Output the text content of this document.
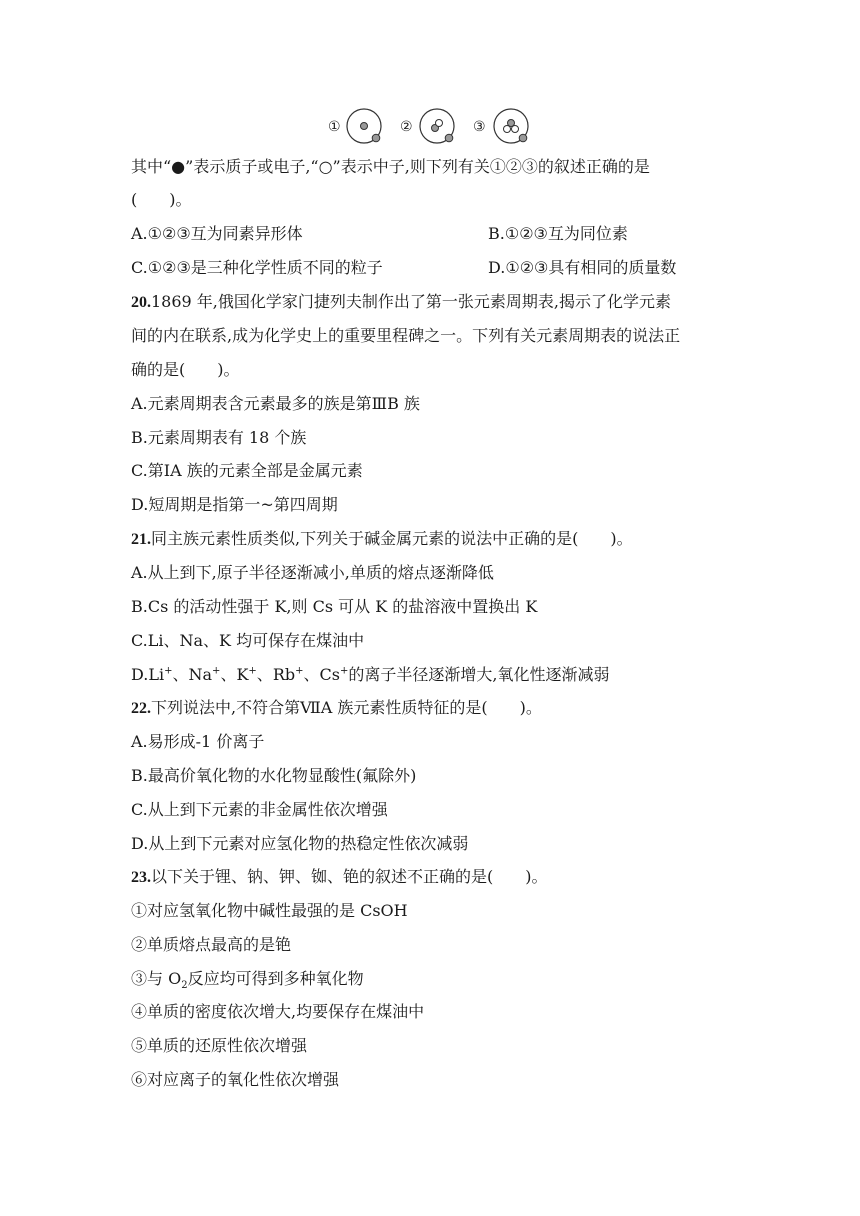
①	②	③
其中“●”表示质子或电子,“○”表示中子,则下列有关①②③的叙述正确的是
(　　)。
A.①②③互为同素异形体	B.①②③互为同位素
C.①②③是三种化学性质不同的粒子	D.①②③具有相同的质量数
20.1869 年,俄国化学家门捷列夫制作出了第一张元素周期表,揭示了化学元素
间的内在联系,成为化学史上的重要里程碑之一。下列有关元素周期表的说法正
确的是(　　)。
A.元素周期表含元素最多的族是第ⅢB 族
B.元素周期表有 18 个族
C.第ⅠA 族的元素全部是金属元素
D.短周期是指第一~第四周期
21.同主族元素性质类似,下列关于碱金属元素的说法中正确的是(　　)。
A.从上到下,原子半径逐渐减小,单质的熔点逐渐降低
B.Cs 的活动性强于 K,则 Cs 可从 K 的盐溶液中置换出 K
C.Li、Na、K 均可保存在煤油中
D.Li+、Na+、K+、Rb+、Cs+的离子半径逐渐增大,氧化性逐渐减弱
22.下列说法中,不符合第ⅦA 族元素性质特征的是(　　)。
A.易形成-1 价离子
B.最高价氧化物的水化物显酸性(氟除外)
C.从上到下元素的非金属性依次增强
D.从上到下元素对应氢化物的热稳定性依次减弱
23.以下关于锂、钠、钾、铷、铯的叙述不正确的是(　　)。
①对应氢氧化物中碱性最强的是 CsOH
②单质熔点最高的是铯
③与 $O_2$反应均可得到多种氧化物
④单质的密度依次增大,均要保存在煤油中
⑤单质的还原性依次增强
⑥对应离子的氧化性依次增强
